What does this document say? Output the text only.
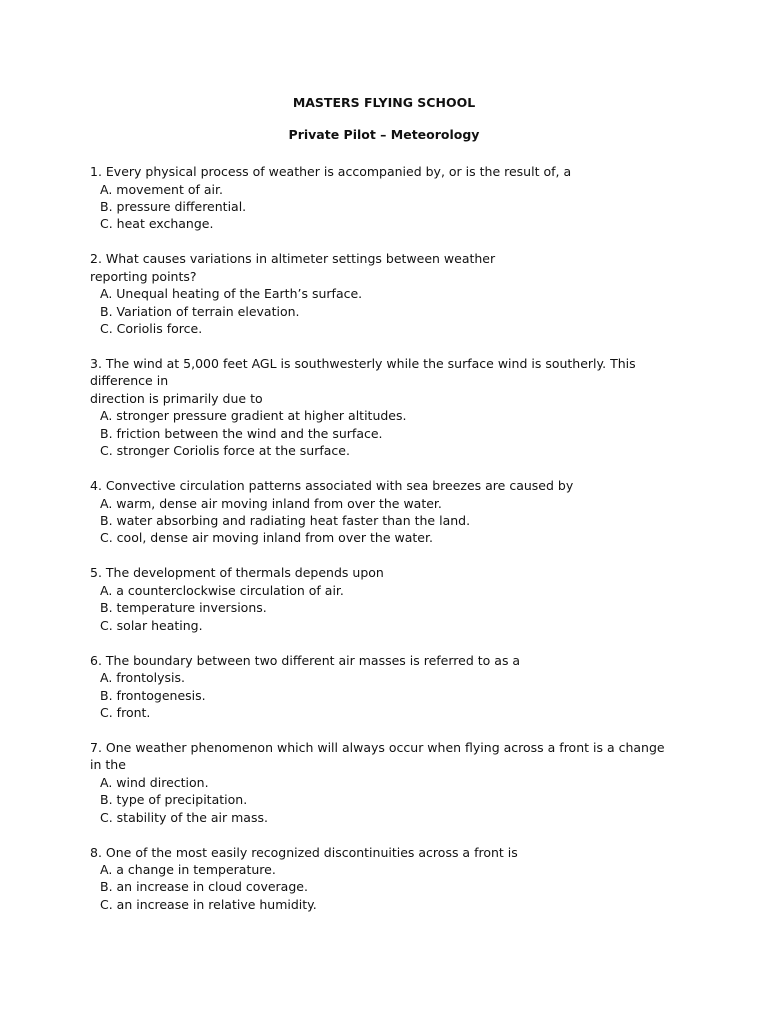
MASTERS FLYING SCHOOL
Private Pilot – Meteorology
1. Every physical process of weather is accompanied by, or is the result of, a
A. movement of air.
B. pressure differential.
C. heat exchange.
2. What causes variations in altimeter settings between weather
reporting points?
A. Unequal heating of the Earth’s surface.
B. Variation of terrain elevation.
C. Coriolis force.
3. The wind at 5,000 feet AGL is southwesterly while the surface wind is southerly. This difference in
direction is primarily due to
A. stronger pressure gradient at higher altitudes.
B. friction between the wind and the surface.
C. stronger Coriolis force at the surface.
4. Convective circulation patterns associated with sea breezes are caused by
A. warm, dense air moving inland from over the water.
B. water absorbing and radiating heat faster than the land.
C. cool, dense air moving inland from over the water.
5. The development of thermals depends upon
A. a counterclockwise circulation of air.
B. temperature inversions.
C. solar heating.
6. The boundary between two different air masses is referred to as a
A. frontolysis.
B. frontogenesis.
C. front.
7. One weather phenomenon which will always occur when flying across a front is a change in the
A. wind direction.
B. type of precipitation.
C. stability of the air mass.
8. One of the most easily recognized discontinuities across a front is
A. a change in temperature.
B. an increase in cloud coverage.
C. an increase in relative humidity.
